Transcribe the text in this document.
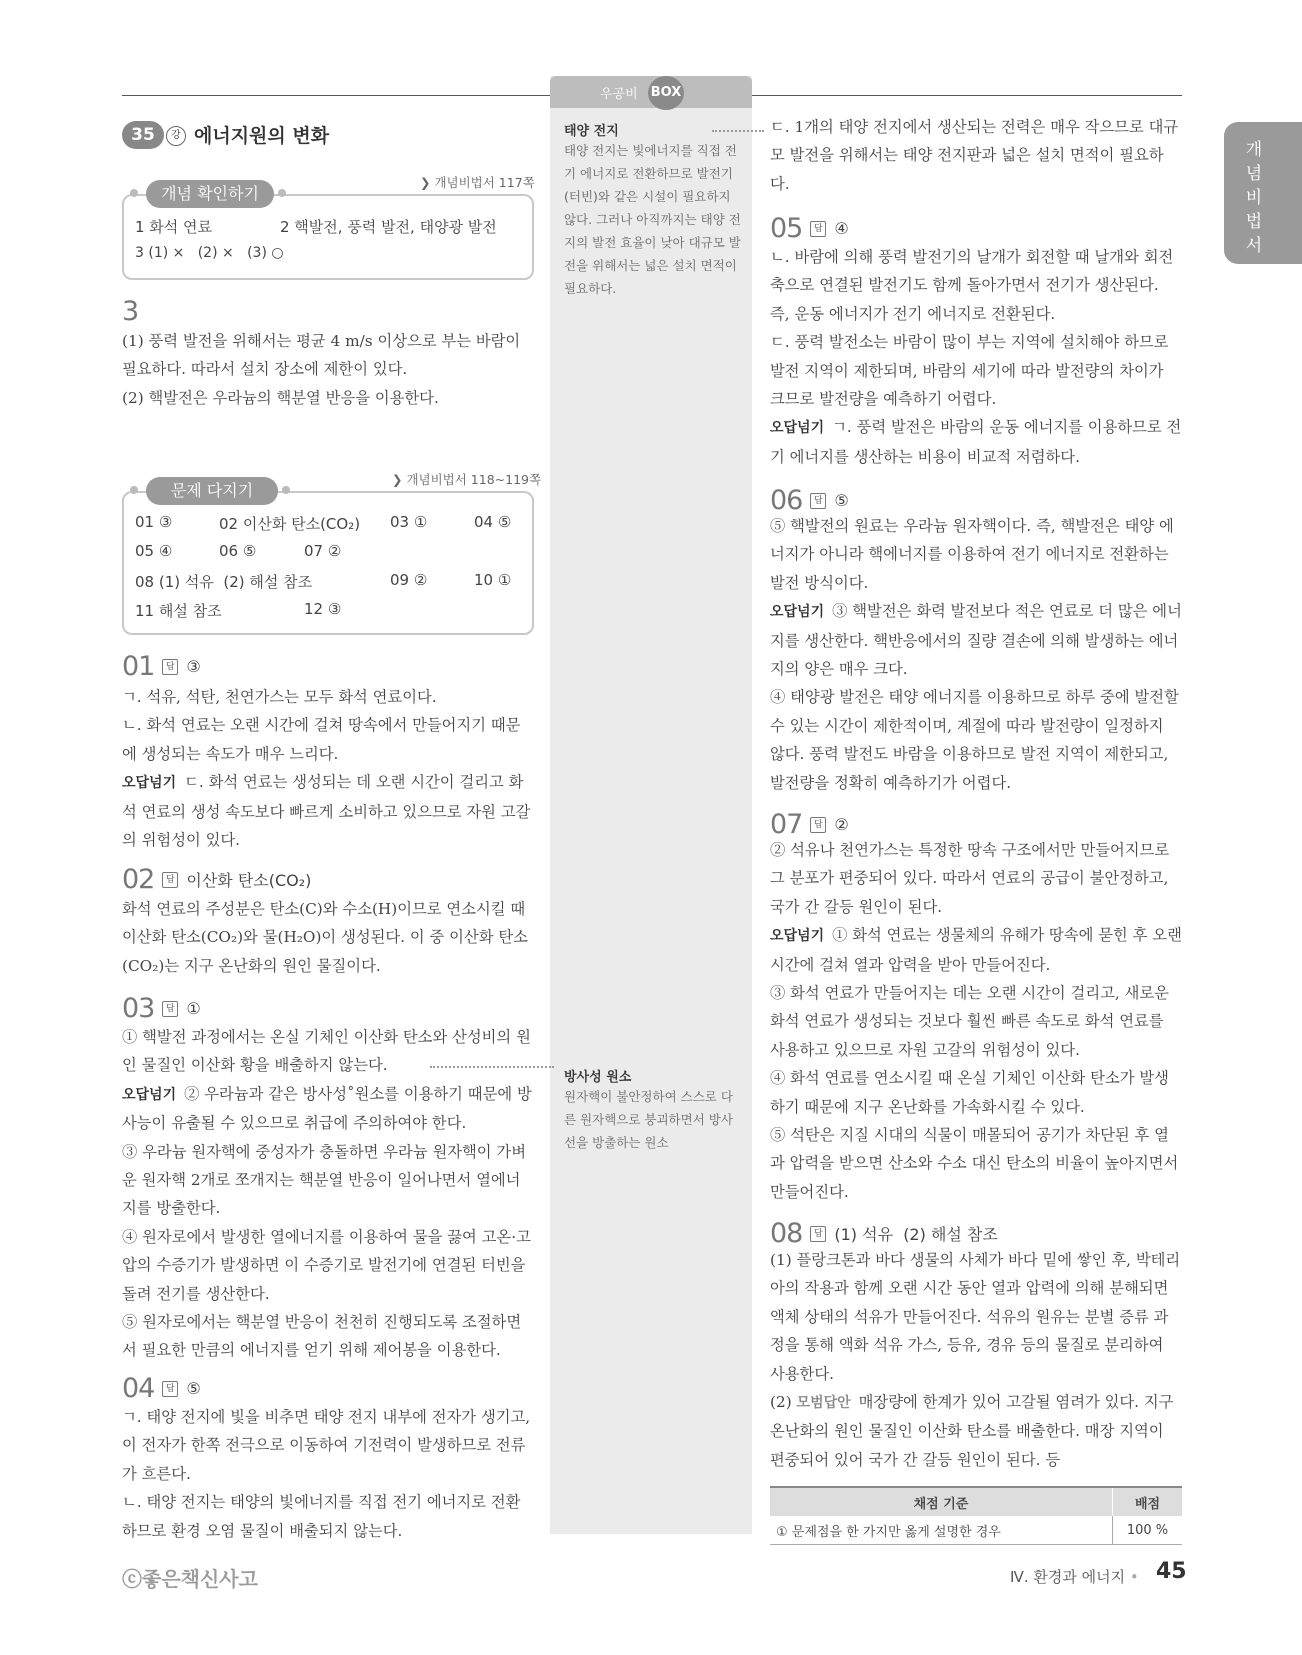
우공비 BOX
개념비법서
35	강 에너지원의 변화
❯ 개념비법서 117쪽
개념 확인하기
1 화석 연료	2 핵발전, 풍력 발전, 태양광 발전
3 (1) ×   (2) ×   (3) ○
3

(1) 풍력 발전을 위해서는 평균 4 m/s 이상으로 부는 바람이 필요하다. 따라서 설치 장소에 제한이 있다.

(2) 핵발전은 우라늄의 핵분열 반응을 이용한다.

❯ 개념비법서 118~119쪽
문제 다지기
01 ③	02 이산화 탄소(CO₂) 03 ①	04 ⑤
05 ④	06 ⑤	07 ②
08 (1) 석유  (2) 해설 참조	09 ②	10 ①
11 해설 참조	12 ③
01	답 ③

ㄱ. 석유, 석탄, 천연가스는 모두 화석 연료이다.

ㄴ. 화석 연료는 오랜 시간에 걸쳐 땅속에서 만들어지기 때문에 생성되는 속도가 매우 느리다.

오답넘기 ㄷ. 화석 연료는 생성되는 데 오랜 시간이 걸리고 화석 연료의 생성 속도보다 빠르게 소비하고 있으므로 자원 고갈의 위험성이 있다.

02	답 이산화 탄소(CO₂)

화석 연료의 주성분은 탄소(C)와 수소(H)이므로 연소시킬 때 이산화 탄소(CO₂)와 물(H₂O)이 생성된다. 이 중 이산화 탄소(CO₂)는 지구 온난화의 원인 물질이다.

03	답 ①

① 핵발전 과정에서는 온실 기체인 이산화 탄소와 산성비의 원인 물질인 이산화 황을 배출하지 않는다.

오답넘기 ② 우라늄과 같은 방사성˚원소를 이용하기 때문에 방사능이 유출될 수 있으므로 취급에 주의하여야 한다.

③ 우라늄 원자핵에 중성자가 충돌하면 우라늄 원자핵이 가벼운 원자핵 2개로 쪼개지는 핵분열 반응이 일어나면서 열에너지를 방출한다.

④ 원자로에서 발생한 열에너지를 이용하여 물을 끓여 고온·고압의 수증기가 발생하면 이 수증기로 발전기에 연결된 터빈을 돌려 전기를 생산한다.

⑤ 원자로에서는 핵분열 반응이 천천히 진행되도록 조절하면서 필요한 만큼의 에너지를 얻기 위해 제어봉을 이용한다.

04	답 ⑤

ㄱ. 태양 전지에 빛을 비추면 태양 전지 내부에 전자가 생기고, 이 전자가 한쪽 전극으로 이동하여 기전력이 발생하므로 전류가 흐른다.

ㄴ. 태양 전지는 태양의 빛에너지를 직접 전기 에너지로 전환하므로 환경 오염 물질이 배출되지 않는다.

태양 전지
태양 전지는 빛에너지를 직접 전기 에너지로 전환하므로 발전기(터빈)와 같은 시설이 필요하지 않다. 그러나 아직까지는 태양 전지의 발전 효율이 낮아 대규모 발전을 위해서는 넓은 설치 면적이 필요하다.
방사성 원소
원자핵이 불안정하여 스스로 다른 원자핵으로 붕괴하면서 방사선을 방출하는 원소

ㄷ. 1개의 태양 전지에서 생산되는 전력은 매우 작으므로 대규모 발전을 위해서는 태양 전지판과 넓은 설치 면적이 필요하다.

05	답 ④

ㄴ. 바람에 의해 풍력 발전기의 날개가 회전할 때 날개와 회전축으로 연결된 발전기도 함께 돌아가면서 전기가 생산된다. 즉, 운동 에너지가 전기 에너지로 전환된다.

ㄷ. 풍력 발전소는 바람이 많이 부는 지역에 설치해야 하므로 발전 지역이 제한되며, 바람의 세기에 따라 발전량의 차이가 크므로 발전량을 예측하기 어렵다.

오답넘기 ㄱ. 풍력 발전은 바람의 운동 에너지를 이용하므로 전기 에너지를 생산하는 비용이 비교적 저렴하다.

06	답 ⑤

⑤ 핵발전의 원료는 우라늄 원자핵이다. 즉, 핵발전은 태양 에너지가 아니라 핵에너지를 이용하여 전기 에너지로 전환하는 발전 방식이다.

오답넘기 ③ 핵발전은 화력 발전보다 적은 연료로 더 많은 에너지를 생산한다. 핵반응에서의 질량 결손에 의해 발생하는 에너지의 양은 매우 크다.

④ 태양광 발전은 태양 에너지를 이용하므로 하루 중에 발전할 수 있는 시간이 제한적이며, 계절에 따라 발전량이 일정하지 않다. 풍력 발전도 바람을 이용하므로 발전 지역이 제한되고, 발전량을 정확히 예측하기가 어렵다.

07	답 ②

② 석유나 천연가스는 특정한 땅속 구조에서만 만들어지므로 그 분포가 편중되어 있다. 따라서 연료의 공급이 불안정하고, 국가 간 갈등 원인이 된다.

오답넘기 ① 화석 연료는 생물체의 유해가 땅속에 묻힌 후 오랜 시간에 걸쳐 열과 압력을 받아 만들어진다.

③ 화석 연료가 만들어지는 데는 오랜 시간이 걸리고, 새로운 화석 연료가 생성되는 것보다 훨씬 빠른 속도로 화석 연료를 사용하고 있으므로 자원 고갈의 위험성이 있다.

④ 화석 연료를 연소시킬 때 온실 기체인 이산화 탄소가 발생하기 때문에 지구 온난화를 가속화시킬 수 있다.

⑤ 석탄은 지질 시대의 식물이 매몰되어 공기가 차단된 후 열과 압력을 받으면 산소와 수소 대신 탄소의 비율이 높아지면서 만들어진다.

08	답 (1) 석유  (2) 해설 참조

(1) 플랑크톤과 바다 생물의 사체가 바다 밑에 쌓인 후, 박테리아의 작용과 함께 오랜 시간 동안 열과 압력에 의해 분해되면 액체 상태의 석유가 만들어진다. 석유의 원유는 분별 증류 과정을 통해 액화 석유 가스, 등유, 경유 등의 물질로 분리하여 사용한다.

(2) 모범답안 매장량에 한계가 있어 고갈될 염려가 있다. 지구 온난화의 원인 물질인 이산화 탄소를 배출한다. 매장 지역이 편중되어 있어 국가 간 갈등 원인이 된다. 등

채점 기준	배점
① 문제점을 한 가지만 옳게 설명한 경우	100 %
ⓒ좋은책신사고	Ⅳ. 환경과 에너지 • 45
